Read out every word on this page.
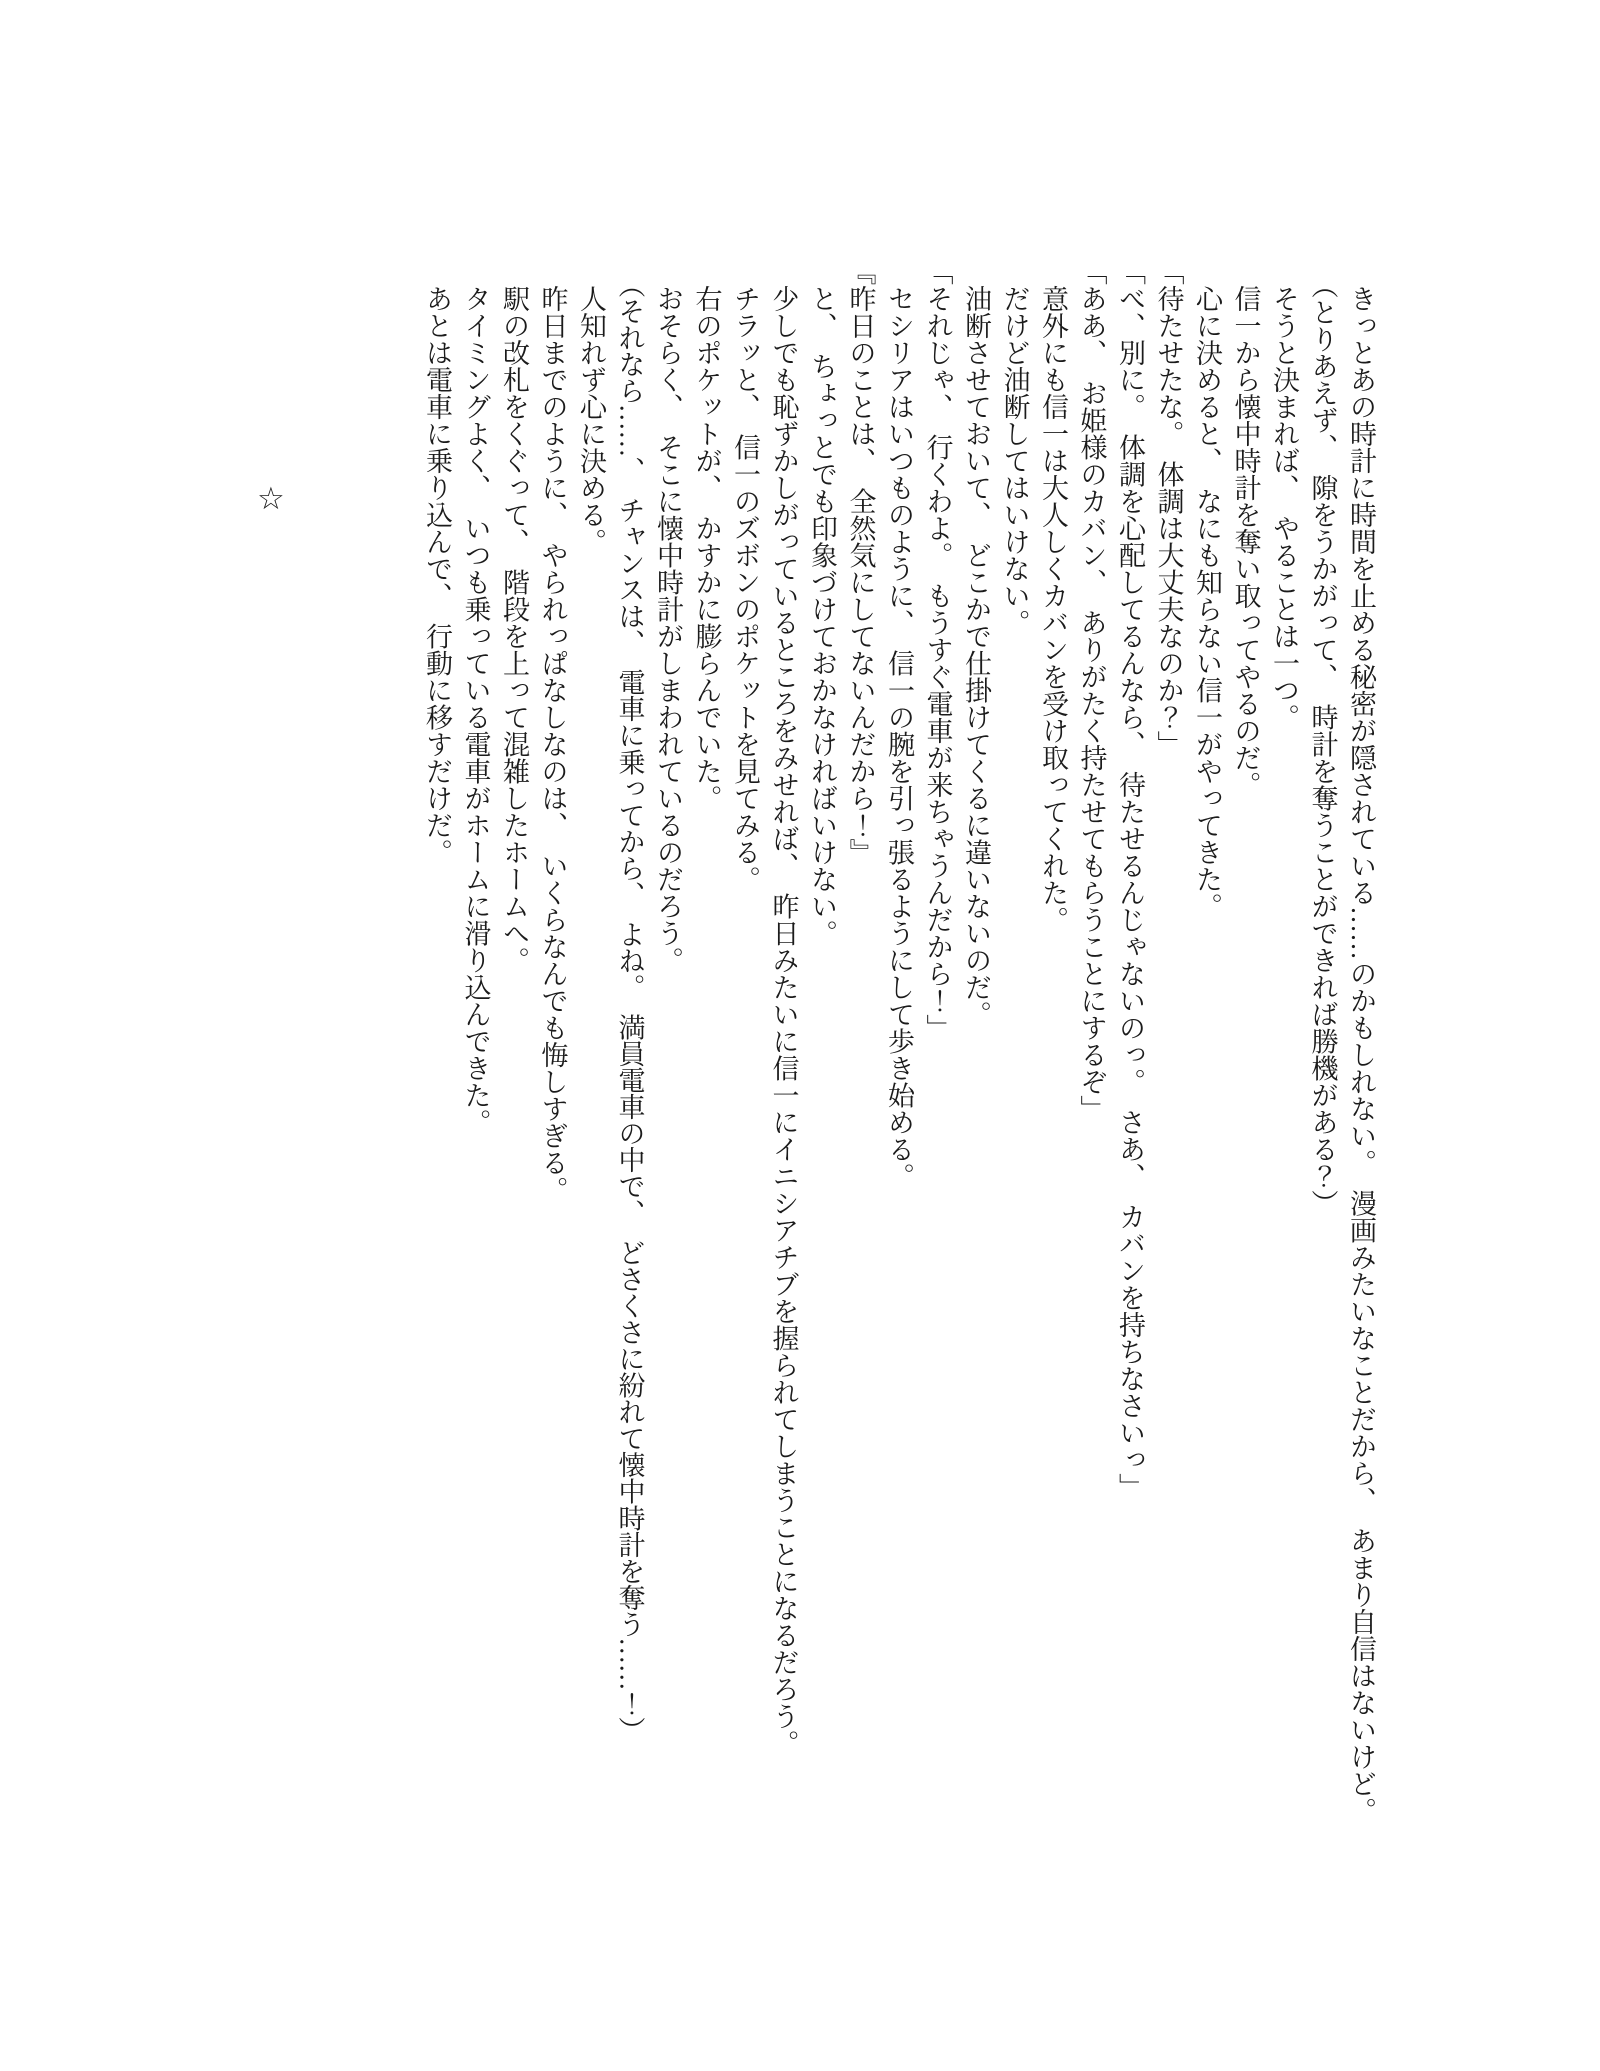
　きっとあの時計に時間を止める秘密が隠されている……のかもしれない。　漫画みたいなことだから、　あまり自信はないけど。

　（とりあえず、　隙をうかがって、　時計を奪うことができれば勝機がある？）

　そうと決まれば、　やることは一つ。

　信一から懐中時計を奪い取ってやるのだ。

　心に決めると、　なにも知らない信一がやってきた。

「待たせたな。　体調は大丈夫なのか？」

「べ、別に。　体調を心配してるんなら、　待たせるんじゃないのっ。　さあ、　カバンを持ちなさいっ」

「ああ、　お姫様のカバン、　ありがたく持たせてもらうことにするぞ」

　意外にも信一は大人しくカバンを受け取ってくれた。

　だけど油断してはいけない。

　油断させておいて、　どこかで仕掛けてくるに違いないのだ。

「それじゃ、　行くわよ。　もうすぐ電車が来ちゃうんだから！」

　セシリアはいつものように、　信一の腕を引っ張るようにして歩き始める。

『昨日のことは、　全然気にしてないんだから！』

　と、　ちょっとでも印象づけておかなければいけない。

　少しでも恥ずかしがっているところをみせれば、　昨日みたいに信一にイニシアチブを握られてしまうことになるだろう。

　チラッと、　信一のズボンのポケットを見てみる。

　右のポケットが、　かすかに膨らんでいた。

　おそらく、　そこに懐中時計がしまわれているのだろう。

　（それなら……、　チャンスは、　電車に乗ってから、　よね。　満員電車の中で、　どさくさに紛れて懐中時計を奪う……！）

　人知れず心に決める。

　昨日までのように、　やられっぱなしなのは、　いくらなんでも悔しすぎる。

　駅の改札をくぐって、　階段を上って混雑したホームへ。

　タイミングよく、　いつも乗っている電車がホームに滑り込んできた。

　あとは電車に乗り込んで、　行動に移すだけだ。

☆
